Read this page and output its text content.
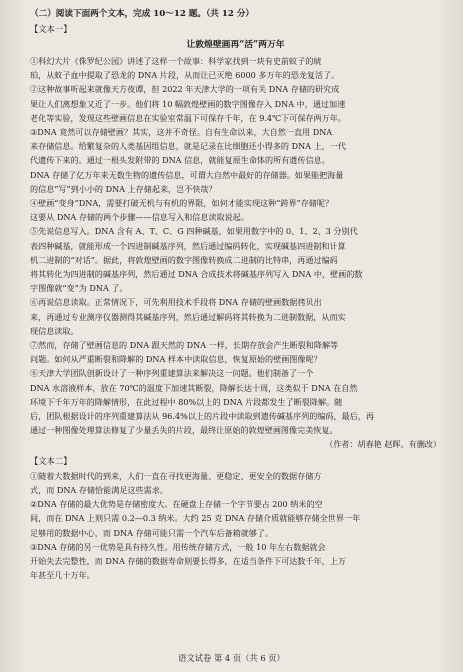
（二）阅读下面两个文本，完成 10～12 题。（共 12 分）

【文本一】

让敦煌壁画再“活”两万年

①科幻大片《侏罗纪公园》讲述了这样一个故事：科学家找到一块有史前蚊子的琥

珀，从蚊子血中提取了恐龙的 DNA 片段，从而让已灭绝 6000 多万年的恐龙复活了。

②这种故事听起来就像天方夜谭，但 2022 年天津大学的一项有关 DNA 存储的研究成

果让人们离想象又近了一步。他们将 10 幅敦煌壁画的数字图像存入 DNA 中，通过加速

老化等实验，发现这些壁画信息在实验室常温下可保存千年，在 9.4℃下可保存两万年。

③DNA 竟然可以存储壁画？其实，这并不奇怪。自有生命以来，大自然一直用 DNA

来存储信息。给繁复杂的人类基因组信息，就是记录在比细胞还小得多的 DNA 上，一代

代遗传下来的。通过一根头发附带的 DNA 信息，就能复原生命体的所有遗传信息。

DNA 存储了亿万年来无数生物的遗传信息，可谓大自然中最好的存储器。如果能把海量

的信息“写”到小小的 DNA 上存储起来，岂不快哉？

④壁画“变身”DNA，需要打破无机与有机的界限，如何才能实现这种“跨界”存储呢？

这要从 DNA 存储的两个步骤——信息写入和信息读取说起。

⑤先说信息写入。DNA 含有 A、T、C、G 四种碱基，如果用数字中的 0、1、2、3 分别代

表四种碱基，就能形成一个四进制碱基序列，然后通过编码转化，实现碱基四进制和计算

机二进制的“对话”。据此，将敦煌壁画的数字图像转换成二进制的比特串，再通过编码

将其转化为四进制的碱基序列，然后通过 DNA 合成技术将碱基序列写入 DNA 中，壁画的数

字图像就“变”为 DNA 了。

⑥再说信息读取。正常情况下，可先利用技术手段将 DNA 存储的壁画数据拷贝出

来，再通过专业测序仪器测得其碱基序列，然后通过解码将其转换为二进制数据，从而实

现信息读取。

⑦然而，存储了壁画信息的 DNA 跟天然的 DNA 一样，长期存放会产生断裂和降解等

问题。如何从严重断裂和降解的 DNA 样本中读取信息，恢复原始的壁画图像呢？

⑧天津大学团队创新设计了一种序列重建算法来解决这一问题。他们制备了一个

DNA 水溶液样本，放在 70℃的温度下加速其断裂，降解长达十周，这类似于 DNA 在自然

环境下千年万年的降解情形，在此过程中 80%以上的 DNA 片段都发生了断裂降解。随

后，团队根据设计的序列重建算法从 96.4%以上的片段中读取到遗传碱基序列的编码，最后，再

通过一种图像处理算法修复了少量丢失的片段，最终让原始的敦煌壁画图像完美恢复。

（作者：胡春艳 赵晖。有删改）

【文本二】

①随着大数据时代的到来，人们一直在寻找更海量、更稳定、更安全的数据存储方

式，而 DNA 存储恰能满足这些需求。

②DNA 存储的最大优势是存储密度大。在硬盘上存储一个字节要占 200 纳米的空

间，而在 DNA 上则只需 0.2—0.3 纳米。大约 25 克 DNA 存储介质就能够存储全世界一年

足够用的数据中心，而 DNA 存储可能只需一个汽车后备箱就够了。

③DNA 存储的另一优势是具有持久性。用传统存储方式，一般 10 年左右数据就会

开始失去完整性，而 DNA 存储的数据寿命则要长得多，在适当条件下可达数千年，上万

年甚至几十万年。

语文试卷 第 4 页（共 6 页）
